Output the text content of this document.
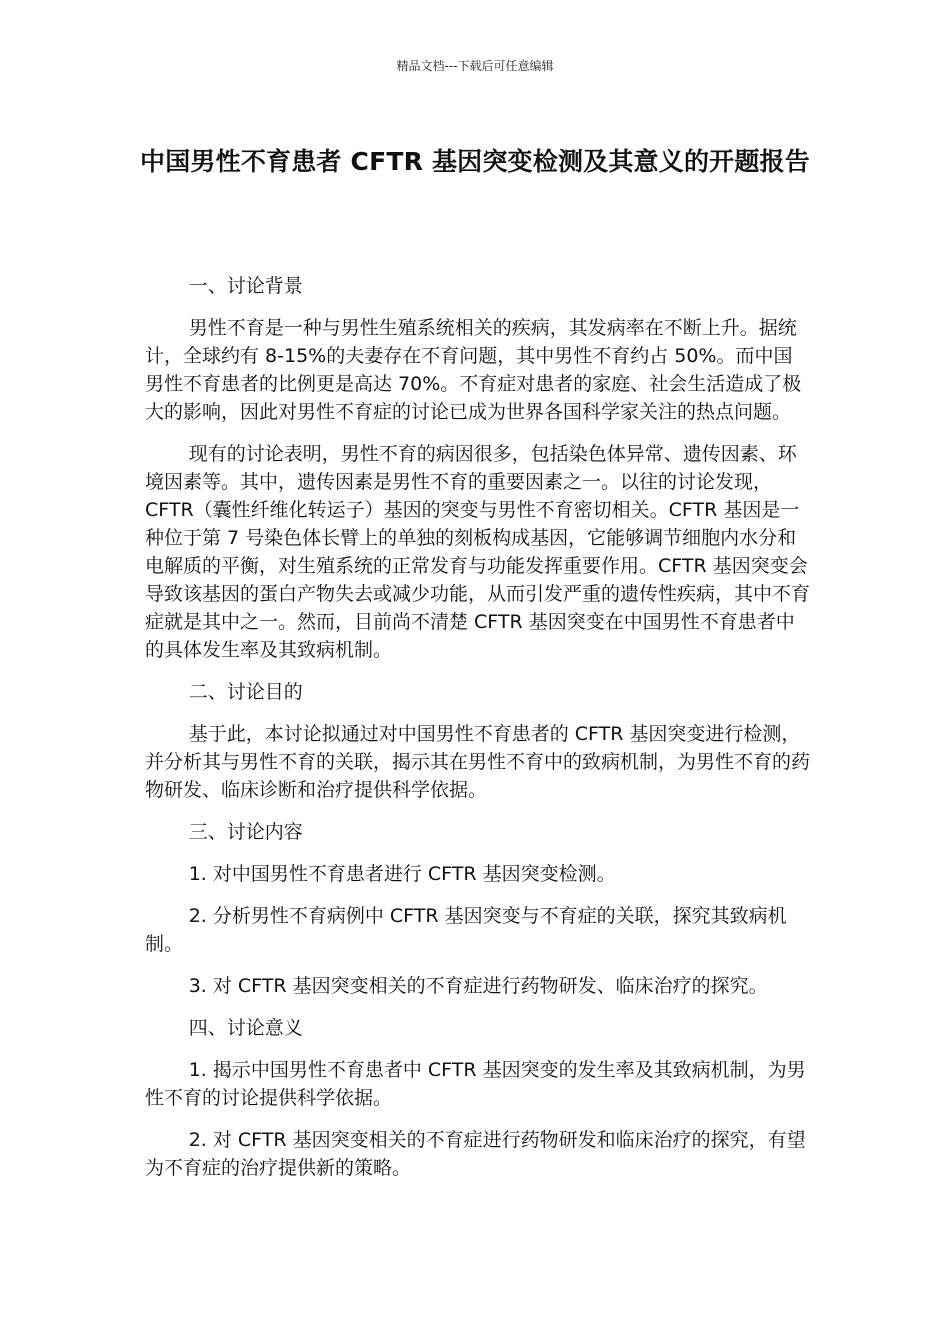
精品文档---下载后可任意编辑
中国男性不育患者 CFTR 基因突变检测及其意义的开题报告

一、讨论背景

男性不育是一种与男性生殖系统相关的疾病，其发病率在不断上升。据统计，全球约有 8-15%的夫妻存在不育问题，其中男性不育约占 50%。而中国男性不育患者的比例更是高达 70%。不育症对患者的家庭、社会生活造成了极大的影响，因此对男性不育症的讨论已成为世界各国科学家关注的热点问题。

现有的讨论表明，男性不育的病因很多，包括染色体异常、遗传因素、环境因素等。其中，遗传因素是男性不育的重要因素之一。以往的讨论发现，CFTR（囊性纤维化转运子）基因的突变与男性不育密切相关。CFTR 基因是一种位于第 7 号染色体长臂上的单独的刻板构成基因，它能够调节细胞内水分和电解质的平衡，对生殖系统的正常发育与功能发挥重要作用。CFTR 基因突变会导致该基因的蛋白产物失去或减少功能，从而引发严重的遗传性疾病，其中不育症就是其中之一。然而，目前尚不清楚 CFTR 基因突变在中国男性不育患者中的具体发生率及其致病机制。

二、讨论目的

基于此，本讨论拟通过对中国男性不育患者的 CFTR 基因突变进行检测，并分析其与男性不育的关联，揭示其在男性不育中的致病机制，为男性不育的药物研发、临床诊断和治疗提供科学依据。

三、讨论内容

1. 对中国男性不育患者进行 CFTR 基因突变检测。

2. 分析男性不育病例中 CFTR 基因突变与不育症的关联，探究其致病机制。

3. 对 CFTR 基因突变相关的不育症进行药物研发、临床治疗的探究。

四、讨论意义

1. 揭示中国男性不育患者中 CFTR 基因突变的发生率及其致病机制，为男性不育的讨论提供科学依据。

2. 对 CFTR 基因突变相关的不育症进行药物研发和临床治疗的探究，有望为不育症的治疗提供新的策略。
